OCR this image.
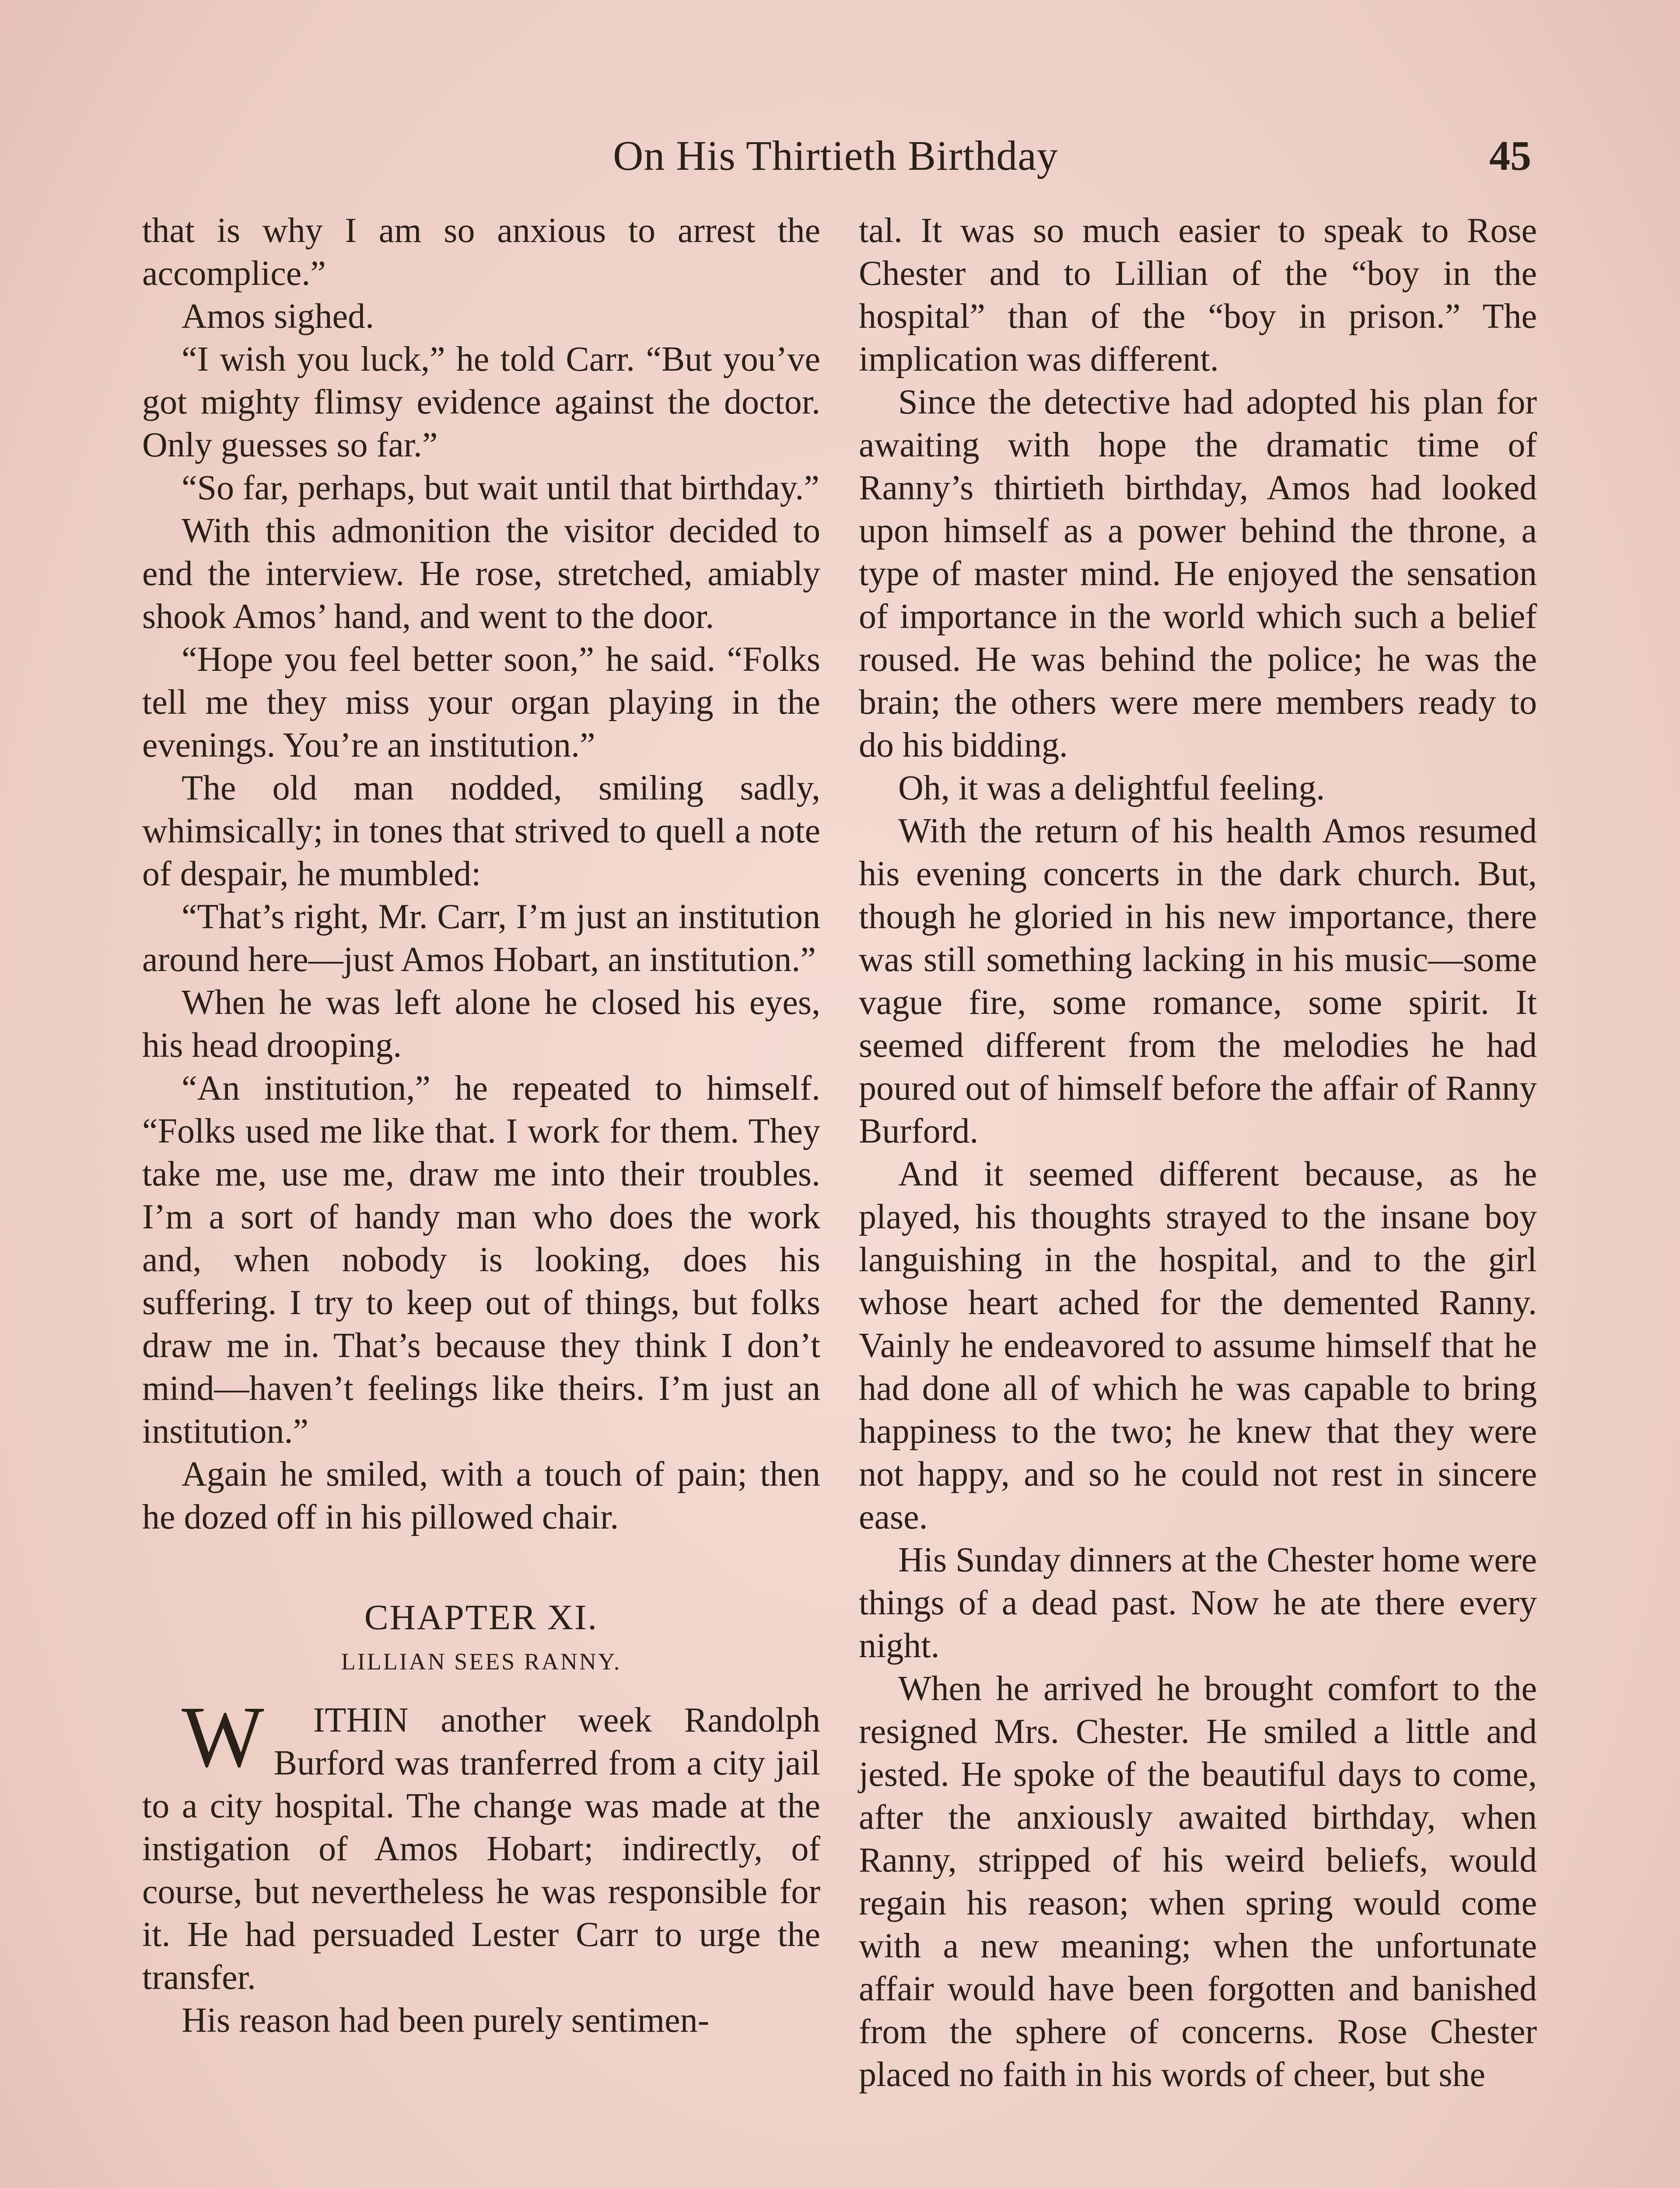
On His Thirtieth Birthday	45

that is why I am so anxious to arrest the accomplice.”

Amos sighed.

“I wish you luck,” he told Carr. “But you’ve got mighty flimsy evidence against the doctor. Only guesses so far.”

“So far, perhaps, but wait until that birthday.”

With this admonition the visitor decided to end the interview. He rose, stretched, amiably shook Amos’ hand, and went to the door.

“Hope you feel better soon,” he said. “Folks tell me they miss your organ playing in the evenings. You’re an institution.”

The old man nodded, smiling sadly, whimsically; in tones that strived to quell a note of despair, he mumbled:

“That’s right, Mr. Carr, I’m just an institution around here—just Amos Hobart, an institution.”

When he was left alone he closed his eyes, his head drooping.

“An institution,” he repeated to himself. “Folks used me like that. I work for them. They take me, use me, draw me into their troubles. I’m a sort of handy man who does the work and, when nobody is looking, does his suffering. I try to keep out of things, but folks draw me in. That’s because they think I don’t mind—haven’t feelings like theirs. I’m just an institution.”

Again he smiled, with a touch of pain; then he dozed off in his pillowed chair.

CHAPTER XI.
LILLIAN SEES RANNY.

W ITHIN another week Randolph Burford was tranferred from a city jail to a city hospital. The change was made at the instigation of Amos Hobart; indirectly, of course, but nevertheless he was responsible for it. He had persuaded Lester Carr to urge the transfer.

His reason had been purely sentimen-

tal. It was so much easier to speak to Rose Chester and to Lillian of the “boy in the hospital” than of the “boy in prison.” The implication was different.

Since the detective had adopted his plan for awaiting with hope the dramatic time of Ranny’s thirtieth birthday, Amos had looked upon himself as a power behind the throne, a type of master mind. He enjoyed the sensation of importance in the world which such a belief roused. He was behind the police; he was the brain; the others were mere members ready to do his bidding.

Oh, it was a delightful feeling.

With the return of his health Amos resumed his evening concerts in the dark church. But, though he gloried in his new importance, there was still something lacking in his music—some vague fire, some romance, some spirit. It seemed different from the melodies he had poured out of himself before the affair of Ranny Burford.

And it seemed different because, as he played, his thoughts strayed to the insane boy languishing in the hospital, and to the girl whose heart ached for the demented Ranny. Vainly he endeavored to assume himself that he had done all of which he was capable to bring happiness to the two; he knew that they were not happy, and so he could not rest in sincere ease.

His Sunday dinners at the Chester home were things of a dead past. Now he ate there every night.

When he arrived he brought comfort to the resigned Mrs. Chester. He smiled a little and jested. He spoke of the beautiful days to come, after the anxiously awaited birthday, when Ranny, stripped of his weird beliefs, would regain his reason; when spring would come with a new meaning; when the unfortunate affair would have been forgotten and banished from the sphere of concerns. Rose Chester placed no faith in his words of cheer, but she
